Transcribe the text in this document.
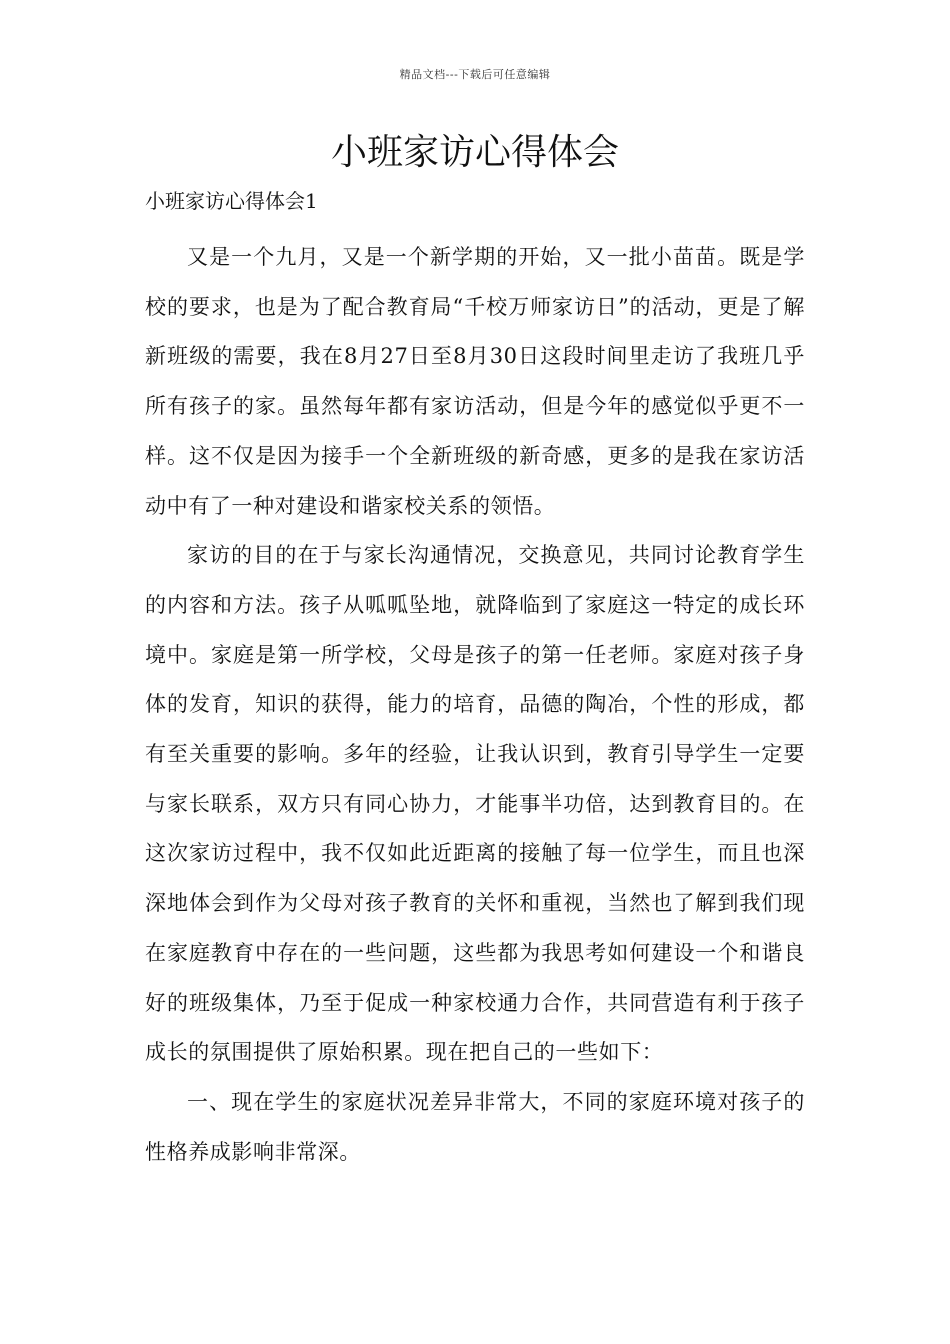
精品文档---下载后可任意编辑
小班家访心得体会
小班家访心得体会1

又是一个九月，又是一个新学期的开始，又一批小苗苗。既是学校的要求，也是为了配合教育局“千校万师家访日”的活动，更是了解新班级的需要，我在8月27日至8月30日这段时间里走访了我班几乎所有孩子的家。虽然每年都有家访活动，但是今年的感觉似乎更不一样。这不仅是因为接手一个全新班级的新奇感，更多的是我在家访活动中有了一种对建设和谐家校关系的领悟。

家访的目的在于与家长沟通情况，交换意见，共同讨论教育学生的内容和方法。孩子从呱呱坠地，就降临到了家庭这一特定的成长环境中。家庭是第一所学校，父母是孩子的第一任老师。家庭对孩子身体的发育，知识的获得，能力的培育，品德的陶冶，个性的形成，都有至关重要的影响。多年的经验，让我认识到，教育引导学生一定要与家长联系，双方只有同心协力，才能事半功倍，达到教育目的。在这次家访过程中，我不仅如此近距离的接触了每一位学生，而且也深深地体会到作为父母对孩子教育的关怀和重视，当然也了解到我们现在家庭教育中存在的一些问题，这些都为我思考如何建设一个和谐良好的班级集体，乃至于促成一种家校通力合作，共同营造有利于孩子成长的氛围提供了原始积累。现在把自己的一些如下：

一、现在学生的家庭状况差异非常大，不同的家庭环境对孩子的性格养成影响非常深。
